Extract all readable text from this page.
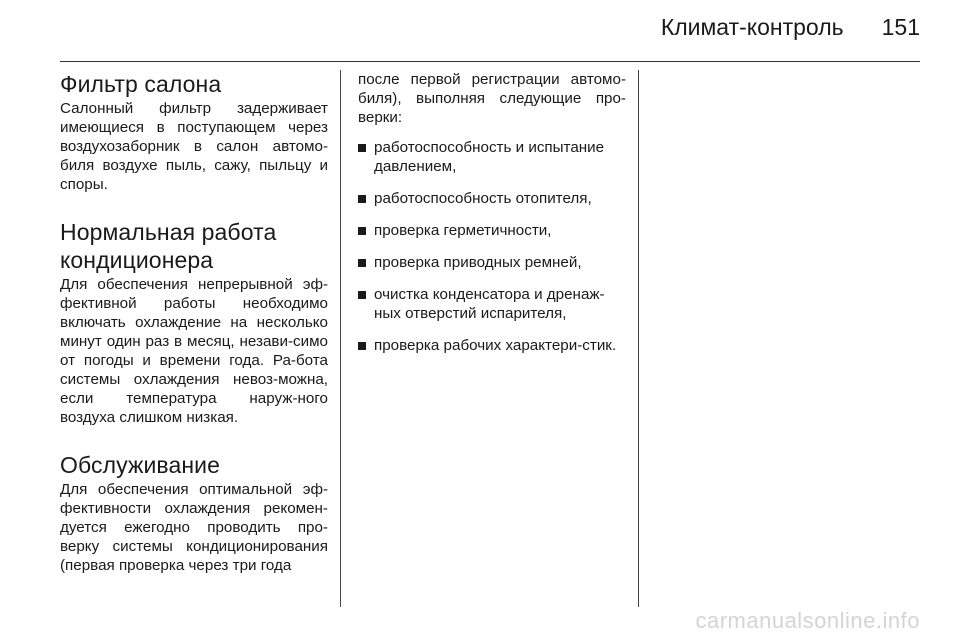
Климат-контроль 151
Фильтр салона

Салонный фильтр задерживает имеющиеся в поступающем через воздухозаборник в салон автомо-биля воздухе пыль, сажу, пыльцу и споры.

Нормальная работа кондиционера

Для обеспечения непрерывной эф-фективной работы необходимо включать охлаждение на несколько минут один раз в месяц, незави-симо от погоды и времени года. Ра-бота системы охлаждения невоз-можна, если температура наруж-ного воздуха слишком низкая.

Обслуживание

Для обеспечения оптимальной эф-фективности охлаждения рекомен-дуется ежегодно проводить про-верку системы кондиционирования (первая проверка через три года

после первой регистрации автомо-биля), выполняя следующие про-верки:

работоспособность и испытание давлением,
работоспособность отопителя,
проверка герметичности,
проверка приводных ремней,
очистка конденсатора и дренаж-ных отверстий испарителя,
проверка рабочих характери-стик.
carmanualsonline.info
